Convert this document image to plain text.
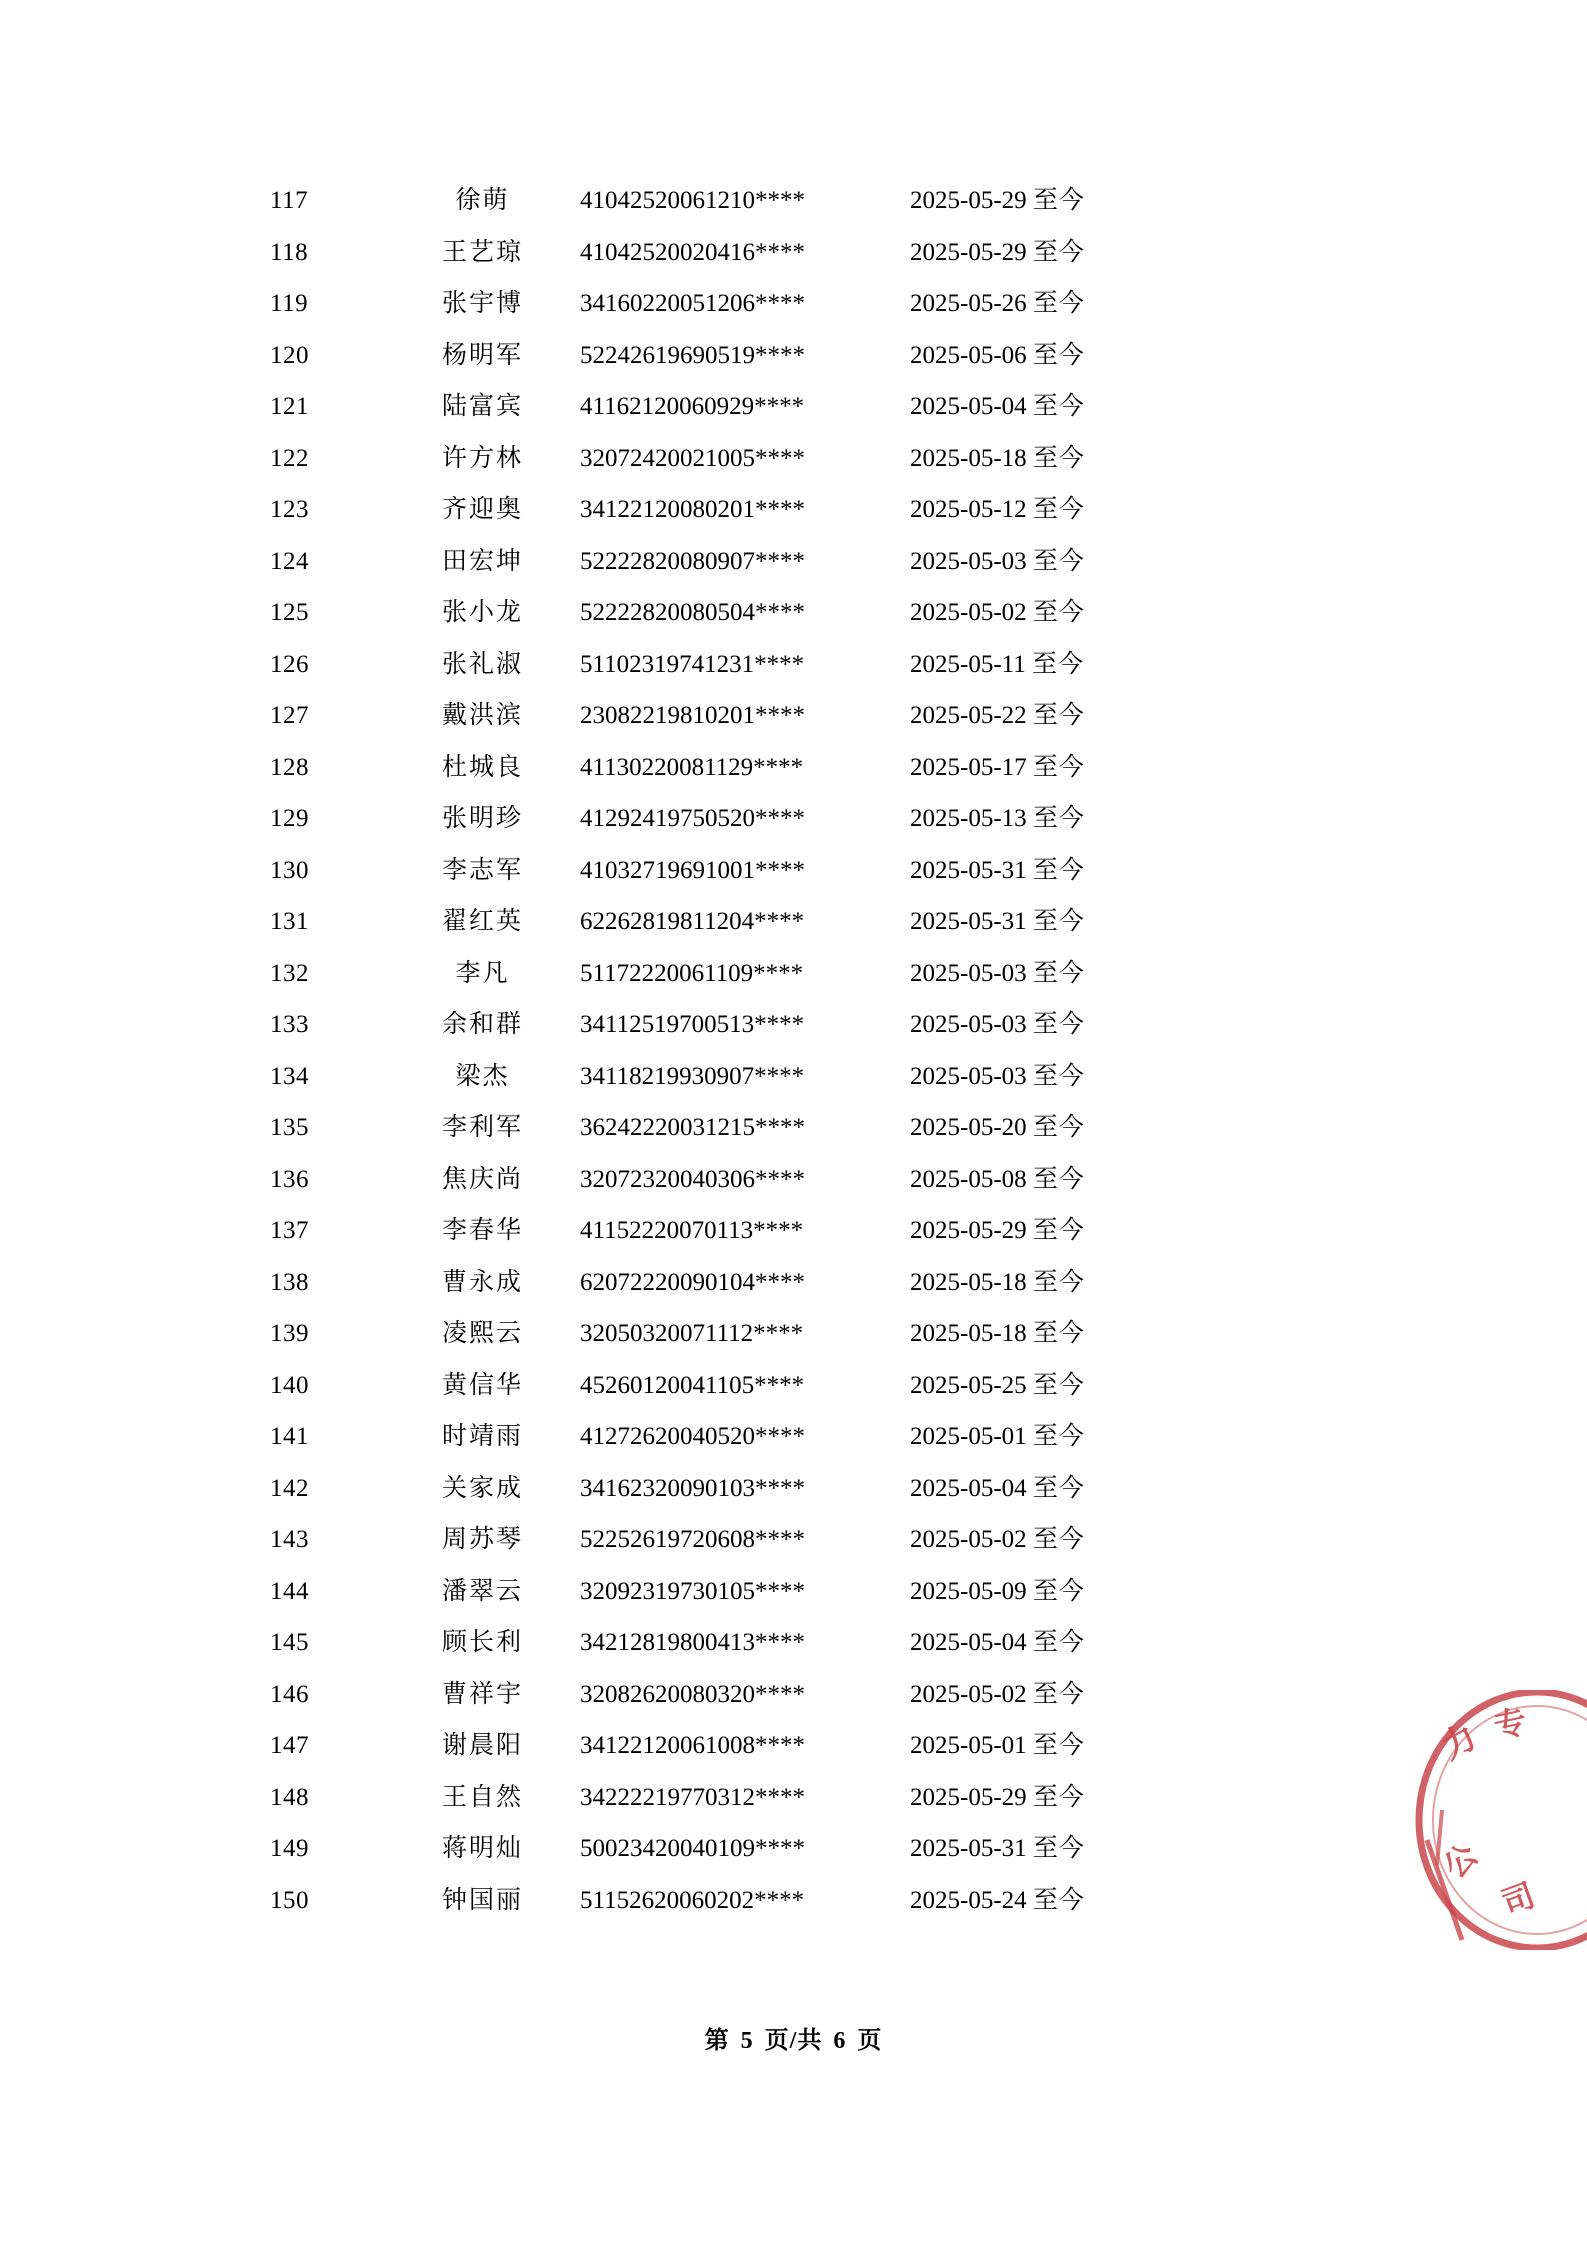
117	徐萌	41042520061210****	2025-05-29 至今
118	王艺琼	41042520020416****	2025-05-29 至今
119	张宇博	34160220051206****	2025-05-26 至今
120	杨明军	52242619690519****	2025-05-06 至今
121	陆富宾	41162120060929****	2025-05-04 至今
122	许方林	32072420021005****	2025-05-18 至今
123	齐迎奥	34122120080201****	2025-05-12 至今
124	田宏坤	52222820080907****	2025-05-03 至今
125	张小龙	52222820080504****	2025-05-02 至今
126	张礼淑	51102319741231****	2025-05-11 至今
127	戴洪滨	23082219810201****	2025-05-22 至今
128	杜城良	41130220081129****	2025-05-17 至今
129	张明珍	41292419750520****	2025-05-13 至今
130	李志军	41032719691001****	2025-05-31 至今
131	翟红英	62262819811204****	2025-05-31 至今
132	李凡	51172220061109****	2025-05-03 至今
133	余和群	34112519700513****	2025-05-03 至今
134	梁杰	34118219930907****	2025-05-03 至今
135	李利军	36242220031215****	2025-05-20 至今
136	焦庆尚	32072320040306****	2025-05-08 至今
137	李春华	41152220070113****	2025-05-29 至今
138	曹永成	62072220090104****	2025-05-18 至今
139	凌熙云	32050320071112****	2025-05-18 至今
140	黄信华	45260120041105****	2025-05-25 至今
141	时靖雨	41272620040520****	2025-05-01 至今
142	关家成	34162320090103****	2025-05-04 至今
143	周苏琴	52252619720608****	2025-05-02 至今
144	潘翠云	32092319730105****	2025-05-09 至今
145	顾长利	34212819800413****	2025-05-04 至今
146	曹祥宇	32082620080320****	2025-05-02 至今
147	谢晨阳	34122120061008****	2025-05-01 至今
148	王自然	34222219770312****	2025-05-29 至今
149	蒋明灿	50023420040109****	2025-05-31 至今
150	钟国丽	51152620060202****	2025-05-24 至今
第 5 页/共 6 页
力 专
公
司
